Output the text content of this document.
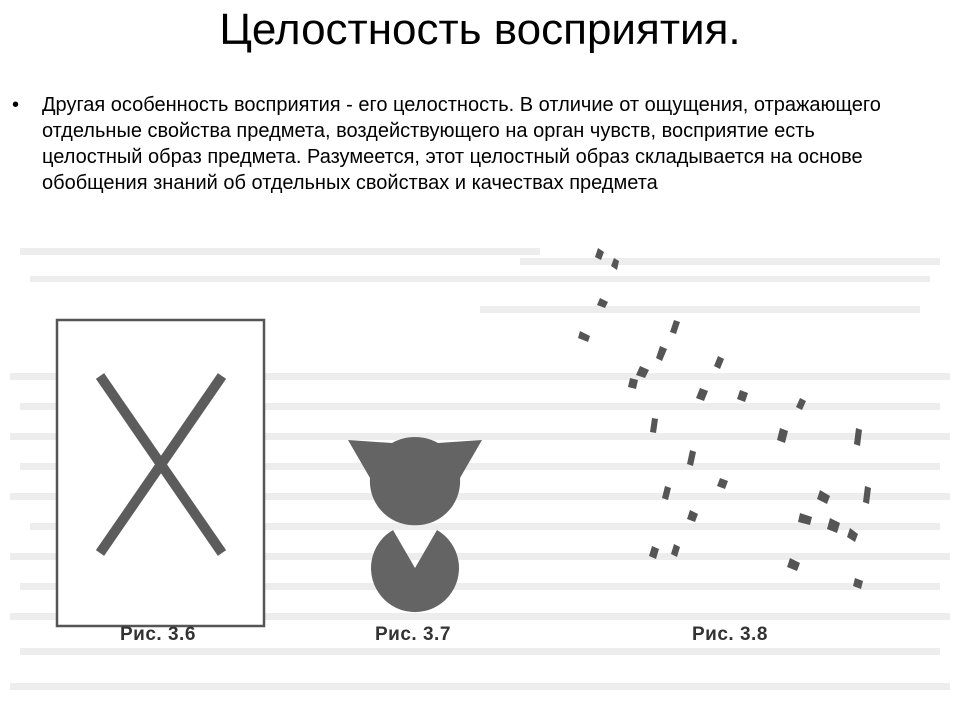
Целостность восприятия.
•	Другая особенность восприятия - его целостность. В отличие от ощущения, отражающего отдельные свойства предмета, воздействующего на орган чувств, восприятие есть целостный образ предмета. Разумеется, этот целостный образ складывается на основе обобщения знаний об отдельных свойствах и качествах предмета
Рис. 3.6	Рис. 3.7	Рис. 3.8
